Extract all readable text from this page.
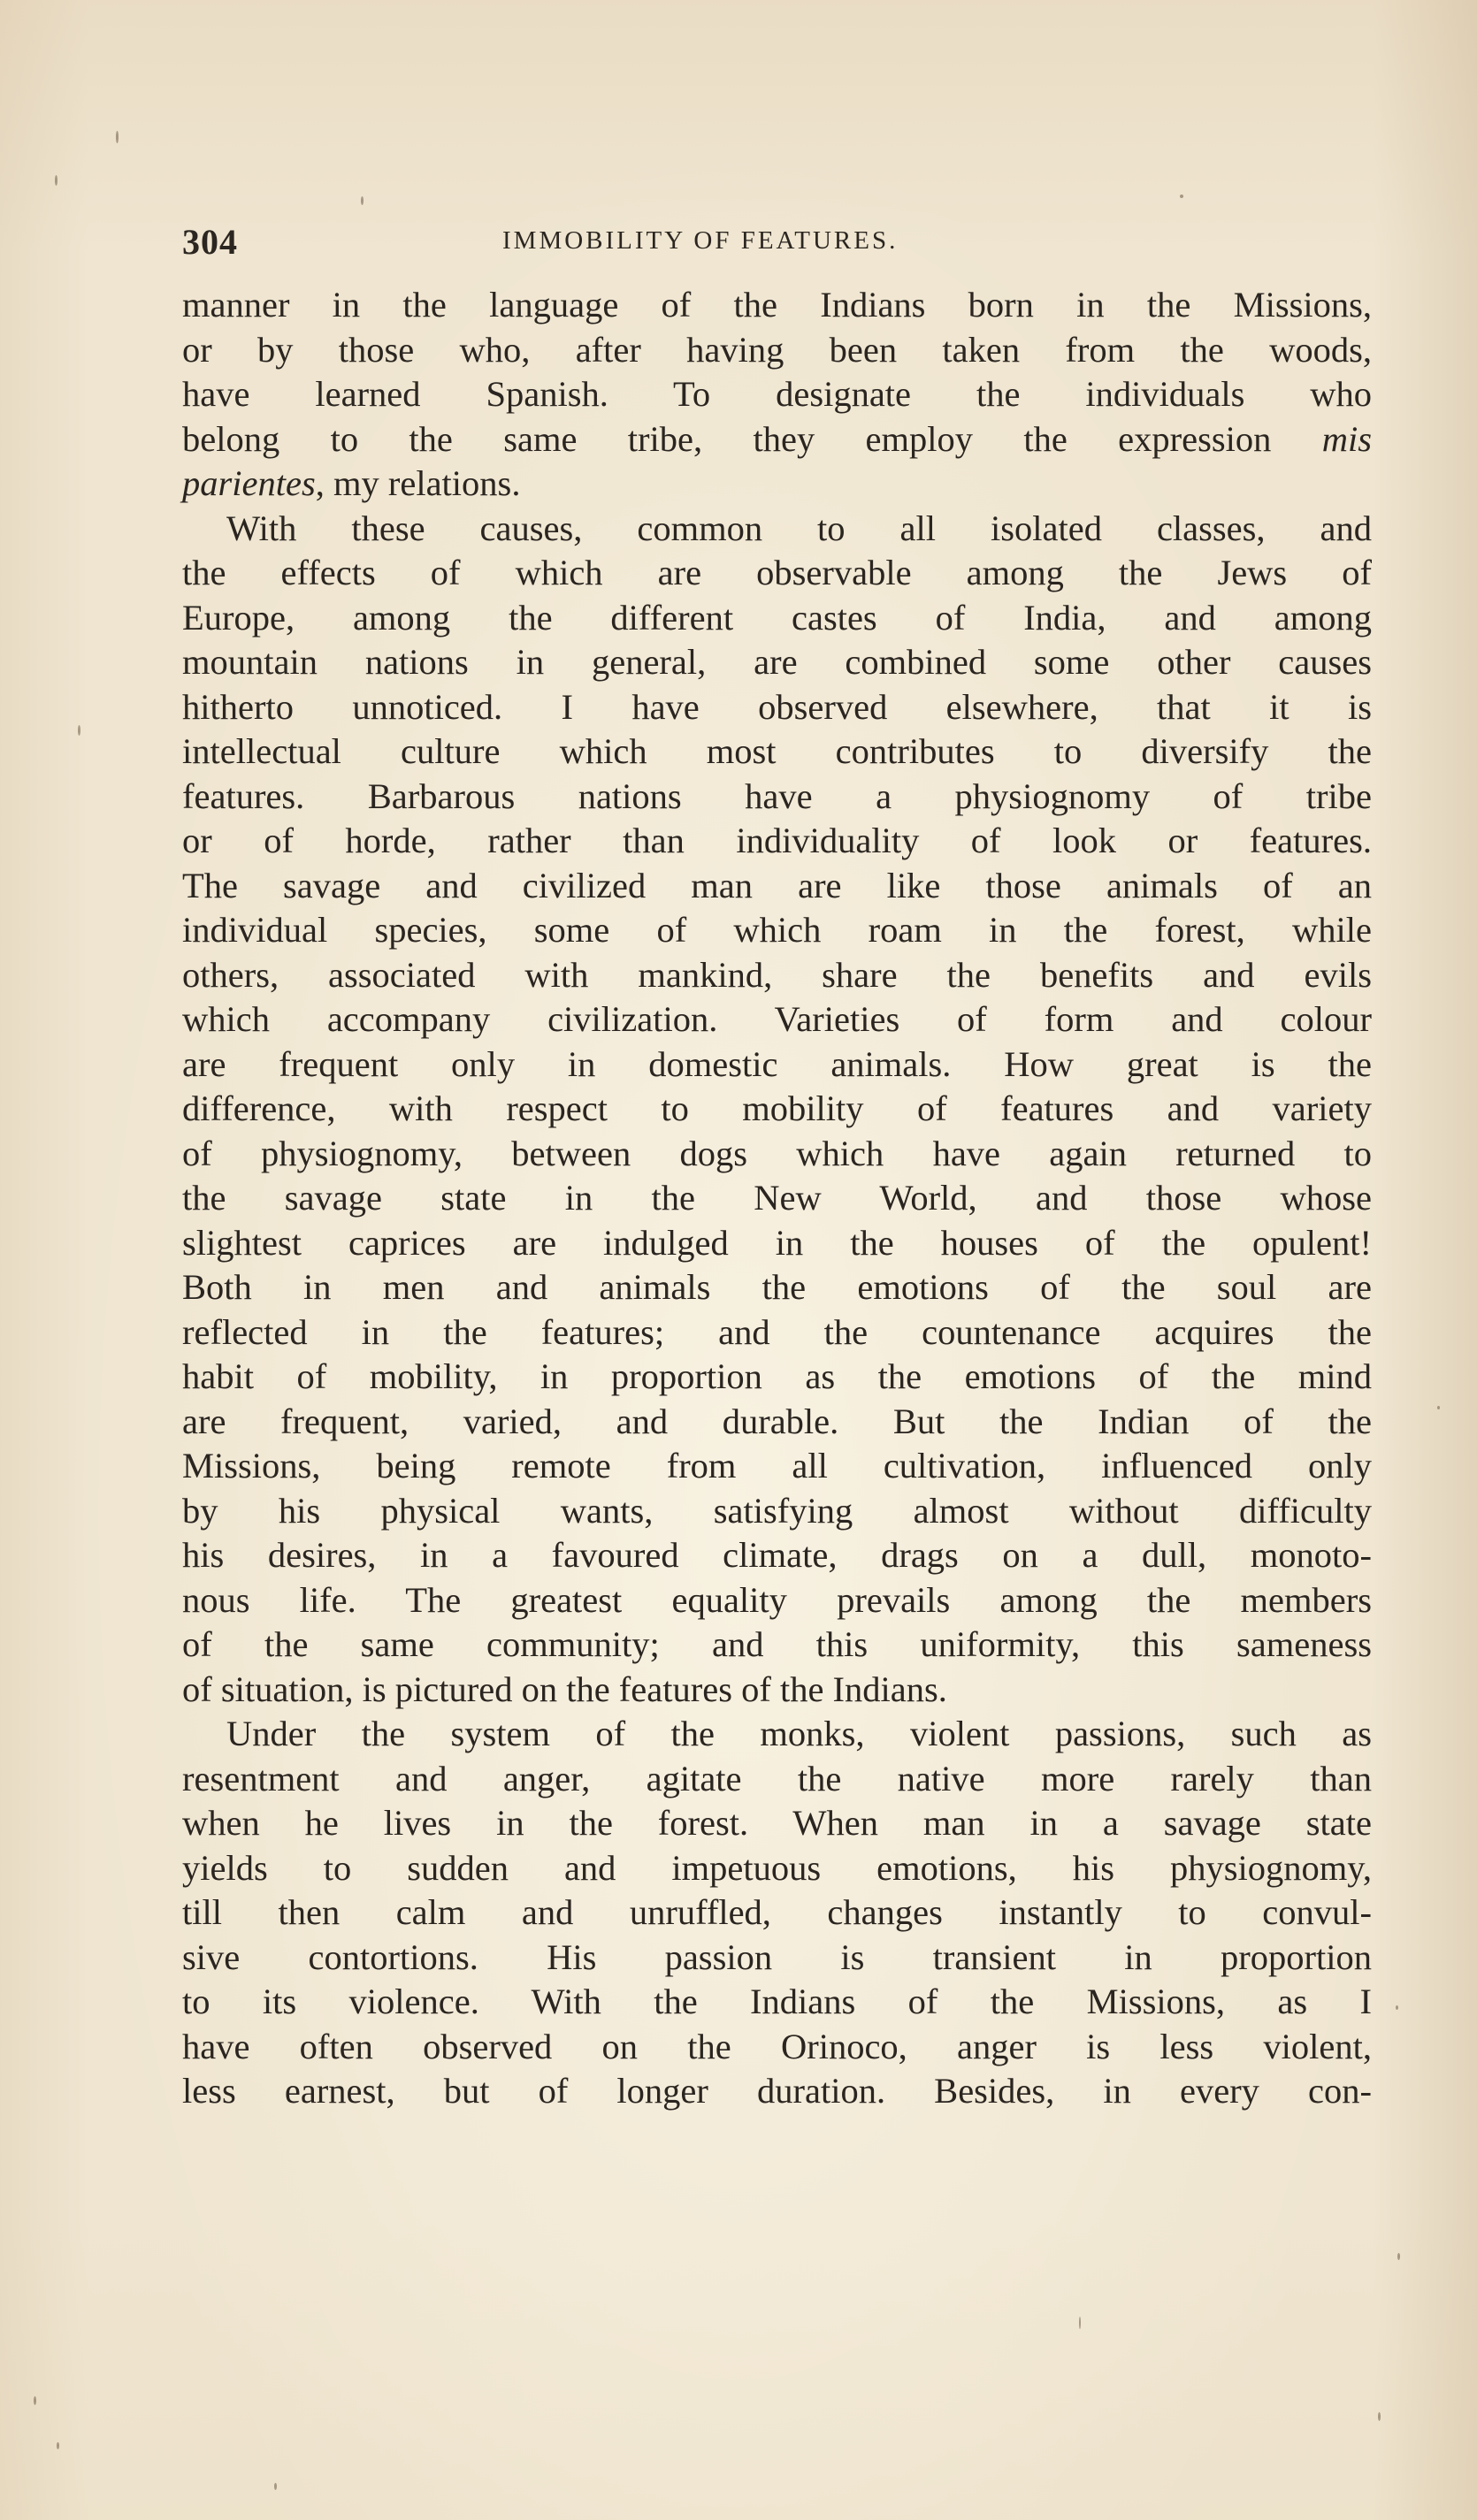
304	IMMOBILITY OF FEATURES.
manner in the language of the Indians born in the Missions,
or by those who, after having been taken from the woods,
have learned Spanish. To designate the individuals who
belong to the same tribe, they employ the expression mis
parientes, my relations.
With these causes, common to all isolated classes, and
the effects of which are observable among the Jews of
Europe, among the different castes of India, and among
mountain nations in general, are combined some other causes
hitherto unnoticed. I have observed elsewhere, that it is
intellectual culture which most contributes to diversify the
features. Barbarous nations have a physiognomy of tribe
or of horde, rather than individuality of look or features.
The savage and civilized man are like those animals of an
individual species, some of which roam in the forest, while
others, associated with mankind, share the benefits and evils
which accompany civilization. Varieties of form and colour
are frequent only in domestic animals. How great is the
difference, with respect to mobility of features and variety
of physiognomy, between dogs which have again returned to
the savage state in the New World, and those whose
slightest caprices are indulged in the houses of the opulent!
Both in men and animals the emotions of the soul are
reflected in the features; and the countenance acquires the
habit of mobility, in proportion as the emotions of the mind
are frequent, varied, and durable. But the Indian of the
Missions, being remote from all cultivation, influenced only
by his physical wants, satisfying almost without difficulty
his desires, in a favoured climate, drags on a dull, monoto-
nous life. The greatest equality prevails among the members
of the same community; and this uniformity, this sameness
of situation, is pictured on the features of the Indians.
Under the system of the monks, violent passions, such as
resentment and anger, agitate the native more rarely than
when he lives in the forest. When man in a savage state
yields to sudden and impetuous emotions, his physiognomy,
till then calm and unruffled, changes instantly to convul-
sive contortions. His passion is transient in proportion
to its violence. With the Indians of the Missions, as I
have often observed on the Orinoco, anger is less violent,
less earnest, but of longer duration. Besides, in every con-
